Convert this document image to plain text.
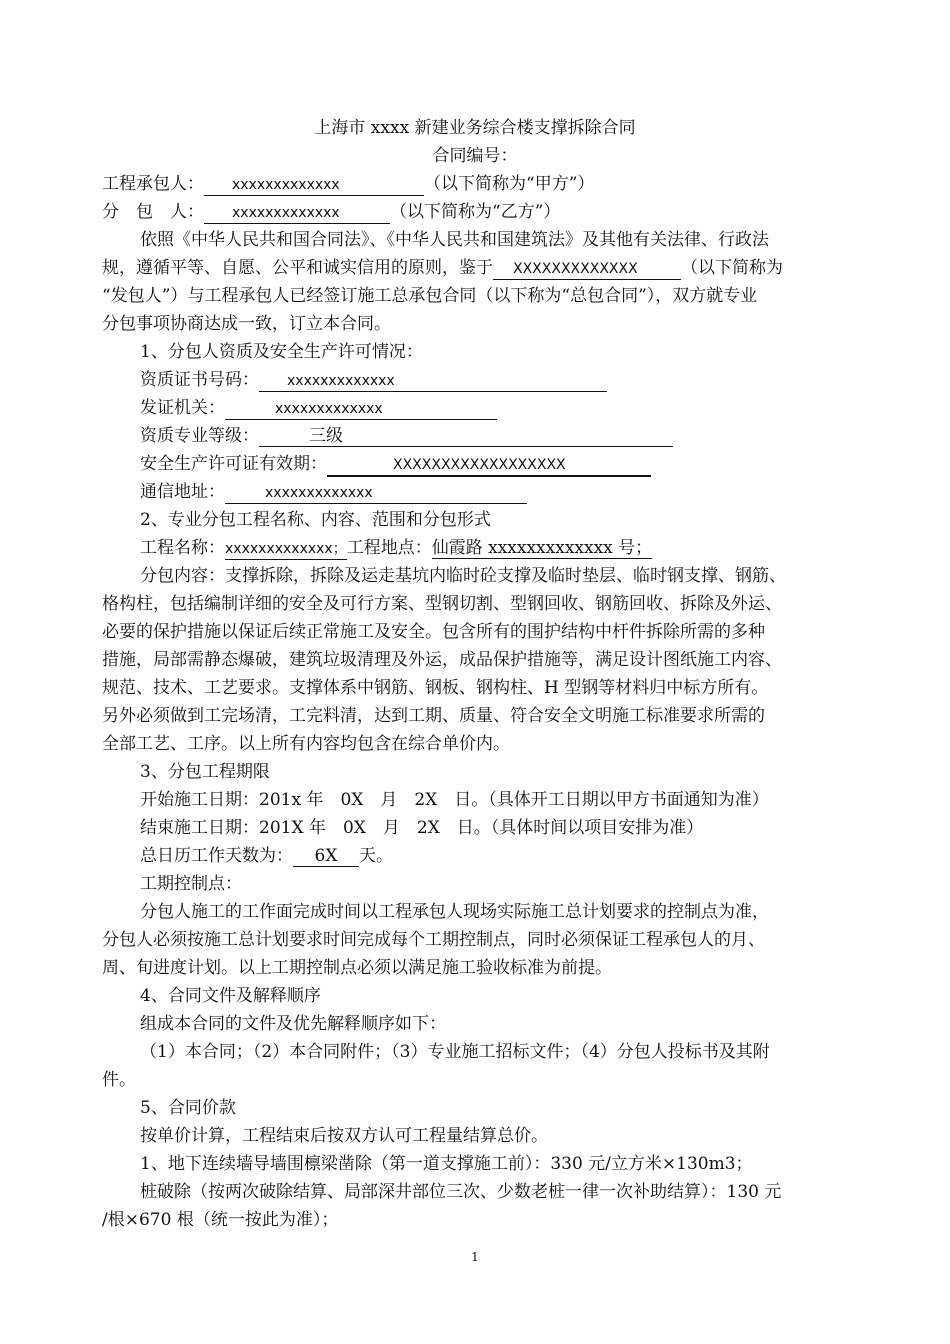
上海市 xxxx 新建业务综合楼支撑拆除合同
合同编号：
工程承包人： xxxxxxxxxxxxx	（以下简称为“甲方”）
分　包　人： xxxxxxxxxxxxx	（以下简称为“乙方”）
依照《中华人民共和国合同法》、《中华人民共和国建筑法》及其他有关法律、行政法
规，遵循平等、自愿、公平和诚实信用的原则，鉴于 XXXXXXXXXXXXX	（以下简称为
“发包人”）与工程承包人已经签订施工总承包合同（以下称为“总包合同”），双方就专业
分包事项协商达成一致，订立本合同。
1、分包人资质及安全生产许可情况：
资质证书号码： xxxxxxxxxxxxx
发证机关：	xxxxxxxxxxxxx
资质专业等级：	三级
安全生产许可证有效期：	XXXXXXXXXXXXXXXXXX
通信地址：	xxxxxxxxxxxxx
2、专业分包工程名称、内容、范围和分包形式
工程名称：xxxxxxxxxxxxx；工程地点：仙霞路 xxxxxxxxxxxxx 号；
分包内容：支撑拆除，拆除及运走基坑内临时砼支撑及临时垫层、临时钢支撑、钢筋、
格构柱，包括编制详细的安全及可行方案、型钢切割、型钢回收、钢筋回收、拆除及外运、
必要的保护措施以保证后续正常施工及安全。包含所有的围护结构中杆件拆除所需的多种
措施，局部需静态爆破，建筑垃圾清理及外运，成品保护措施等，满足设计图纸施工内容、
规范、技术、工艺要求。支撑体系中钢筋、钢板、钢构柱、H 型钢等材料归中标方所有。
另外必须做到工完场清，工完料清，达到工期、质量、符合安全文明施工标准要求所需的
全部工艺、工序。以上所有内容均包含在综合单价内。
3、分包工程期限
开始施工日期：201x 年　0X　月　2X　日。（具体开工日期以甲方书面通知为准）
结束施工日期：201X 年　0X　月　2X　日。（具体时间以项目安排为准）
总日历工作天数为： 6X 天。
工期控制点：
分包人施工的工作面完成时间以工程承包人现场实际施工总计划要求的控制点为准，
分包人必须按施工总计划要求时间完成每个工期控制点，同时必须保证工程承包人的月、
周、旬进度计划。以上工期控制点必须以满足施工验收标准为前提。
4、合同文件及解释顺序
组成本合同的文件及优先解释顺序如下：
（1）本合同；（2）本合同附件；（3）专业施工招标文件；（4）分包人投标书及其附
件。
5、合同价款
按单价计算，工程结束后按双方认可工程量结算总价。
1、地下连续墙导墙围檩梁凿除（第一道支撑施工前）：330 元/立方米×130m3；
桩破除（按两次破除结算、局部深井部位三次、少数老桩一律一次补助结算）：130 元
/根×670 根（统一按此为准）；
1
